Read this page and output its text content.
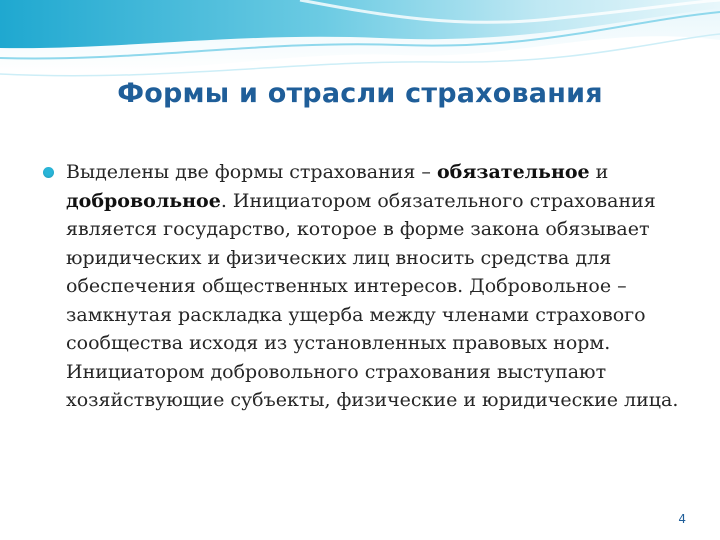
Формы и отрасли страхования

Выделены две формы страхования – обязательное и добровольное. Инициатором обязательного страхования является государство, которое в форме закона обязывает юридических и физических лиц вносить средства для обеспечения общественных интересов. Добровольное – замкнутая раскладка ущерба между членами страхового сообщества исходя из установленных правовых норм. Инициатором добровольного страхования выступают хозяйствующие субъекты, физические и юридические лица.

4
